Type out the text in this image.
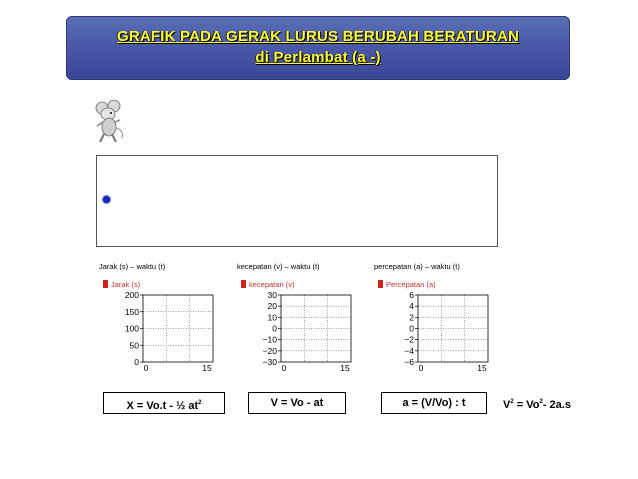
GRAFIK PADA GERAK LURUS BERUBAH BERATURAN
di Perlambat (a -)
Jarak (s) – waktu (t)
Jarak (s)
0
50
100
150
200
0	15
kecepatan (v) – waktu (t)
kecepatan (v)
−30
−20
−10
0
10
20
30
0	15
percepatan (a) – waktu (t)
Percepatan (a)
−6
−4
−2
0
2
4
6
0	15
X = Vo.t - ½ $at^2$	V = Vo - at	a = (V/Vo) : t	$V^2 = Vo^2-$ 2a.s
